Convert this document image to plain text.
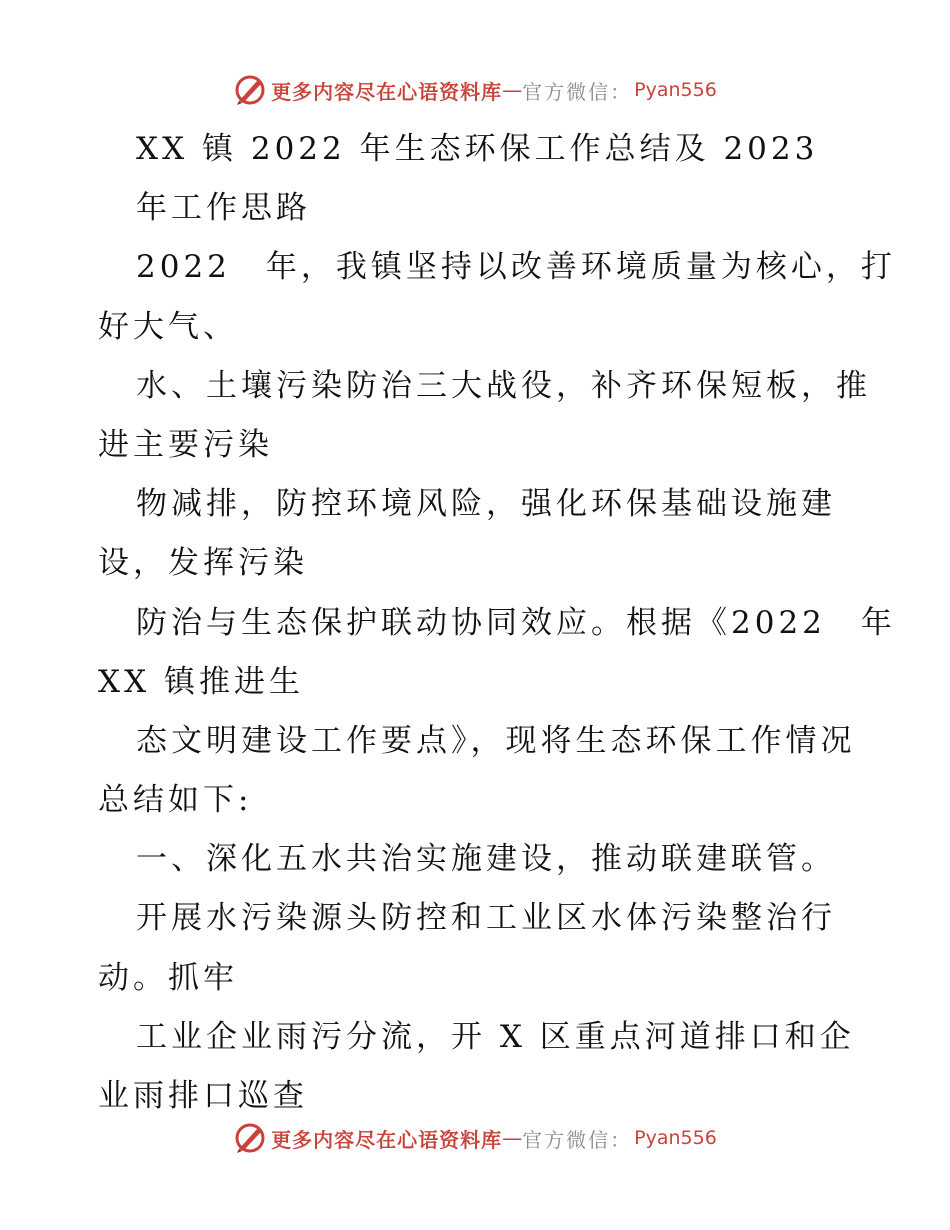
更多内容尽在心语资料库 — 官方微信： Pyan556
XX 镇 2022 年生态环保工作总结及 2023
年工作思路
2022　年，我镇坚持以改善环境质量为核心，打
好大气、
水、土壤污染防治三大战役，补齐环保短板，推
进主要污染
物减排，防控环境风险，强化环保基础设施建
设，发挥污染
防治与生态保护联动协同效应。根据《2022　年
XX 镇推进生
态文明建设工作要点》，现将生态环保工作情况
总结如下:
一、深化五水共治实施建设，推动联建联管。
开展水污染源头防控和工业区水体污染整治行
动。抓牢
工业企业雨污分流，开 X 区重点河道排口和企
业雨排口巡查
更多内容尽在心语资料库 — 官方微信： Pyan556
